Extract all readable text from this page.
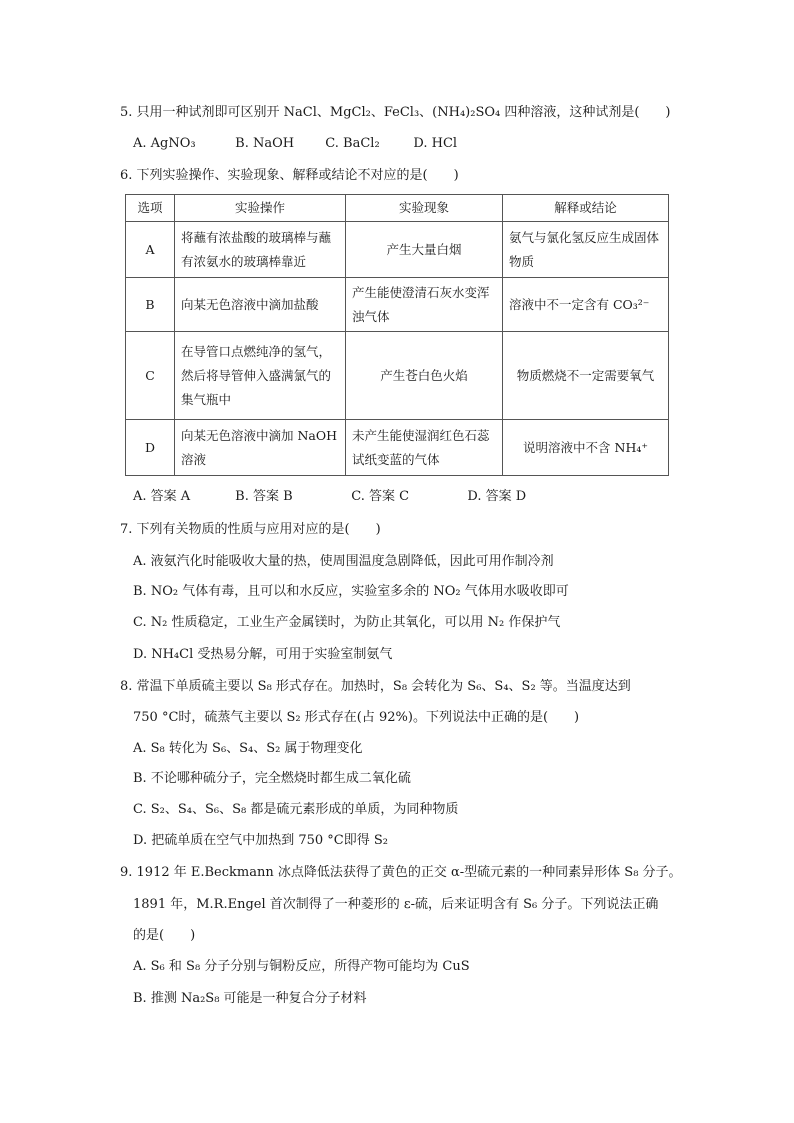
5. 只用一种试剂即可区别开 NaCl、MgCl₂、FeCl₃、(NH₄)₂SO₄ 四种溶液，这种试剂是(　　)
A. AgNO₃	B. NaOH C. BaCl₂	D. HCl
6. 下列实验操作、实验现象、解释或结论不对应的是(　　)
选项	实验操作	实验现象	解释或结论
A	将蘸有浓盐酸的玻璃棒与蘸有浓氨水的玻璃棒靠近	产生大量白烟	氨气与氯化氢反应生成固体物质
B	向某无色溶液中滴加盐酸	产生能使澄清石灰水变浑浊气体	溶液中不一定含有 CO₃²⁻
C	在导管口点燃纯净的氢气，然后将导管伸入盛满氯气的集气瓶中	产生苍白色火焰	物质燃烧不一定需要氧气
D	向某无色溶液中滴加 NaOH 溶液	未产生能使湿润红色石蕊试纸变蓝的气体	说明溶液中不含 NH₄⁺
A. 答案 A	B. 答案 B	C. 答案 C	D. 答案 D
7. 下列有关物质的性质与应用对应的是(　　)
A. 液氨汽化时能吸收大量的热，使周围温度急剧降低，因此可用作制冷剂
B. NO₂ 气体有毒，且可以和水反应，实验室多余的 NO₂ 气体用水吸收即可
C. N₂ 性质稳定，工业生产金属镁时，为防止其氧化，可以用 N₂ 作保护气
D. NH₄Cl 受热易分解，可用于实验室制氨气
8. 常温下单质硫主要以 S₈ 形式存在。加热时，S₈ 会转化为 S₆、S₄、S₂ 等。当温度达到
750 °C时，硫蒸气主要以 S₂ 形式存在(占 92%)。下列说法中正确的是(　　)
A. S₈ 转化为 S₆、S₄、S₂ 属于物理变化
B. 不论哪种硫分子，完全燃烧时都生成二氧化硫
C. S₂、S₄、S₆、S₈ 都是硫元素形成的单质，为同种物质
D. 把硫单质在空气中加热到 750 °C即得 S₂
9. 1912 年 E.Beckmann 冰点降低法获得了黄色的正交 α-型硫元素的一种同素异形体 S₈ 分子。
1891 年，M.R.Engel 首次制得了一种菱形的 ε-硫，后来证明含有 S₆ 分子。下列说法正确
的是(　　)
A. S₆ 和 S₈ 分子分别与铜粉反应，所得产物可能均为 CuS
B. 推测 Na₂S₈ 可能是一种复合分子材料
